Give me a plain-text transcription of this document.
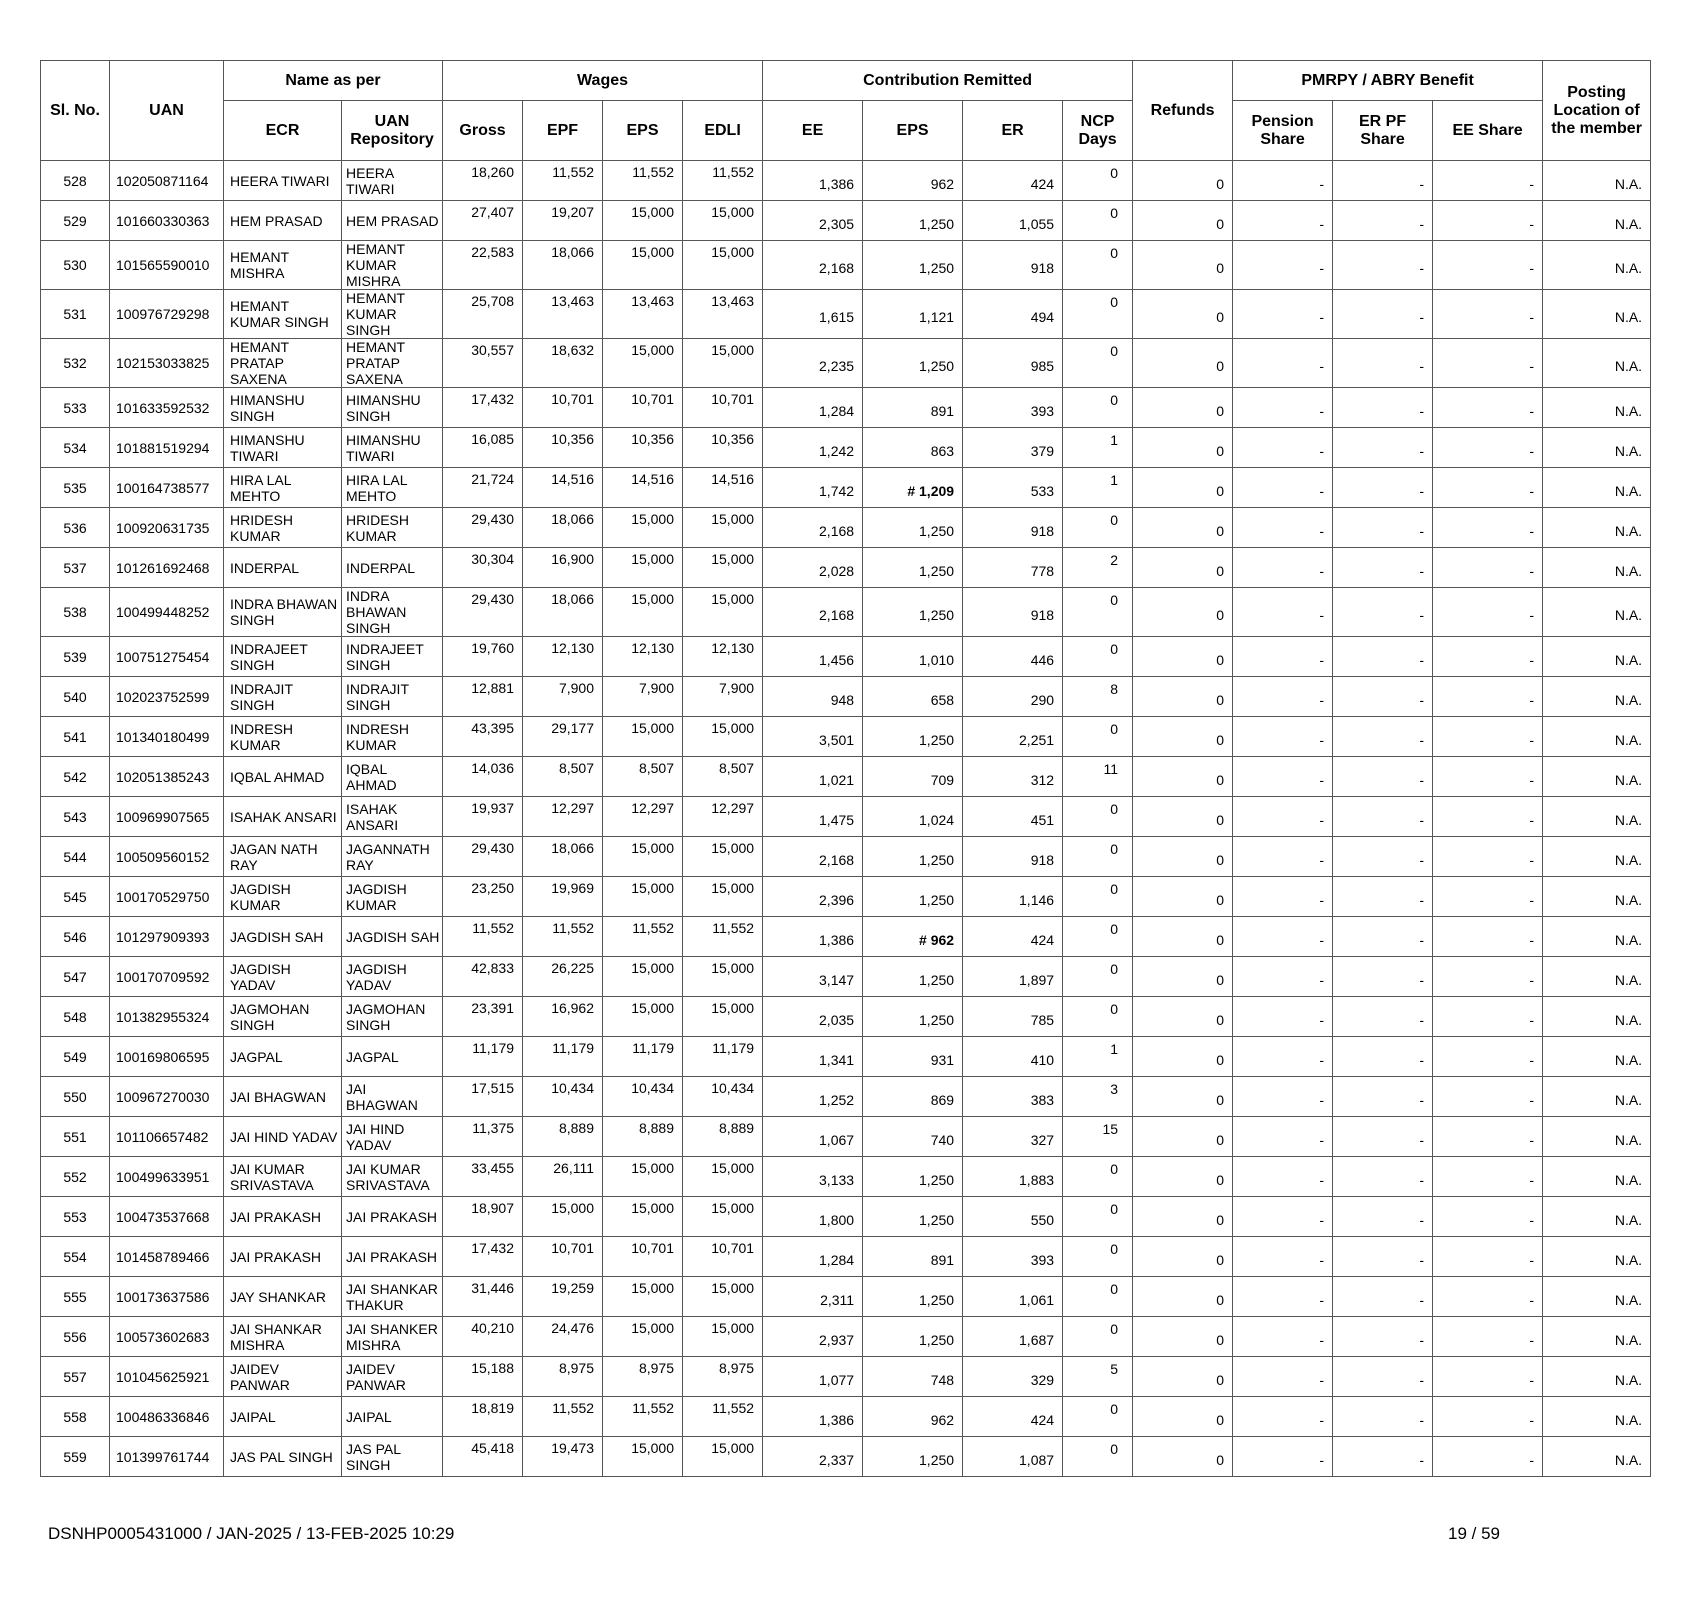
Sl. No.	UAN	Name as per		Wages				Contribution Remitted				Refunds	PMRPY / ABRY Benefit			Posting Location of the member
		ECR	UAN Repository	Gross	EPF	EPS	EDLI	EE	EPS	ER	NCP Days		Pension Share	ER PF Share	EE Share	
528	102050871164	HEERA TIWARI	HEERA TIWARI	18,260	11,552	11,552	11,552	1,386	962	424	0	0	-	-	-	N.A.
529	101660330363	HEM PRASAD	HEM PRASAD	27,407	19,207	15,000	15,000	2,305	1,250	1,055	0	0	-	-	-	N.A.
530	101565590010	HEMANT MISHRA	HEMANT KUMAR MISHRA	22,583	18,066	15,000	15,000	2,168	1,250	918	0	0	-	-	-	N.A.
531	100976729298	HEMANT KUMAR SINGH	HEMANT KUMAR SINGH	25,708	13,463	13,463	13,463	1,615	1,121	494	0	0	-	-	-	N.A.
532	102153033825	HEMANT PRATAP SAXENA	HEMANT PRATAP SAXENA	30,557	18,632	15,000	15,000	2,235	1,250	985	0	0	-	-	-	N.A.
533	101633592532	HIMANSHU SINGH	HIMANSHU SINGH	17,432	10,701	10,701	10,701	1,284	891	393	0	0	-	-	-	N.A.
534	101881519294	HIMANSHU TIWARI	HIMANSHU TIWARI	16,085	10,356	10,356	10,356	1,242	863	379	1	0	-	-	-	N.A.
535	100164738577	HIRA LAL MEHTO	HIRA LAL MEHTO	21,724	14,516	14,516	14,516	1,742	# 1,209	533	1	0	-	-	-	N.A.
536	100920631735	HRIDESH KUMAR	HRIDESH KUMAR	29,430	18,066	15,000	15,000	2,168	1,250	918	0	0	-	-	-	N.A.
537	101261692468	INDERPAL	INDERPAL	30,304	16,900	15,000	15,000	2,028	1,250	778	2	0	-	-	-	N.A.
538	100499448252	INDRA BHAWAN SINGH	INDRA BHAWAN SINGH	29,430	18,066	15,000	15,000	2,168	1,250	918	0	0	-	-	-	N.A.
539	100751275454	INDRAJEET SINGH	INDRAJEET SINGH	19,760	12,130	12,130	12,130	1,456	1,010	446	0	0	-	-	-	N.A.
540	102023752599	INDRAJIT SINGH	INDRAJIT SINGH	12,881	7,900	7,900	7,900	948	658	290	8	0	-	-	-	N.A.
541	101340180499	INDRESH KUMAR	INDRESH KUMAR	43,395	29,177	15,000	15,000	3,501	1,250	2,251	0	0	-	-	-	N.A.
542	102051385243	IQBAL AHMAD	IQBAL AHMAD	14,036	8,507	8,507	8,507	1,021	709	312	11	0	-	-	-	N.A.
543	100969907565	ISAHAK ANSARI	ISAHAK ANSARI	19,937	12,297	12,297	12,297	1,475	1,024	451	0	0	-	-	-	N.A.
544	100509560152	JAGAN NATH RAY	JAGANNATH RAY	29,430	18,066	15,000	15,000	2,168	1,250	918	0	0	-	-	-	N.A.
545	100170529750	JAGDISH KUMAR	JAGDISH KUMAR	23,250	19,969	15,000	15,000	2,396	1,250	1,146	0	0	-	-	-	N.A.
546	101297909393	JAGDISH SAH	JAGDISH SAH	11,552	11,552	11,552	11,552	1,386	# 962	424	0	0	-	-	-	N.A.
547	100170709592	JAGDISH YADAV	JAGDISH YADAV	42,833	26,225	15,000	15,000	3,147	1,250	1,897	0	0	-	-	-	N.A.
548	101382955324	JAGMOHAN SINGH	JAGMOHAN SINGH	23,391	16,962	15,000	15,000	2,035	1,250	785	0	0	-	-	-	N.A.
549	100169806595	JAGPAL	JAGPAL	11,179	11,179	11,179	11,179	1,341	931	410	1	0	-	-	-	N.A.
550	100967270030	JAI BHAGWAN	JAI BHAGWAN	17,515	10,434	10,434	10,434	1,252	869	383	3	0	-	-	-	N.A.
551	101106657482	JAI HIND YADAV	JAI HIND YADAV	11,375	8,889	8,889	8,889	1,067	740	327	15	0	-	-	-	N.A.
552	100499633951	JAI KUMAR SRIVASTAVA	JAI KUMAR SRIVASTAVA	33,455	26,111	15,000	15,000	3,133	1,250	1,883	0	0	-	-	-	N.A.
553	100473537668	JAI PRAKASH	JAI PRAKASH	18,907	15,000	15,000	15,000	1,800	1,250	550	0	0	-	-	-	N.A.
554	101458789466	JAI PRAKASH	JAI PRAKASH	17,432	10,701	10,701	10,701	1,284	891	393	0	0	-	-	-	N.A.
555	100173637586	JAY SHANKAR	JAI SHANKAR THAKUR	31,446	19,259	15,000	15,000	2,311	1,250	1,061	0	0	-	-	-	N.A.
556	100573602683	JAI SHANKAR MISHRA	JAI SHANKER MISHRA	40,210	24,476	15,000	15,000	2,937	1,250	1,687	0	0	-	-	-	N.A.
557	101045625921	JAIDEV PANWAR	JAIDEV PANWAR	15,188	8,975	8,975	8,975	1,077	748	329	5	0	-	-	-	N.A.
558	100486336846	JAIPAL	JAIPAL	18,819	11,552	11,552	11,552	1,386	962	424	0	0	-	-	-	N.A.
559	101399761744	JAS PAL SINGH	JAS PAL SINGH	45,418	19,473	15,000	15,000	2,337	1,250	1,087	0	0	-	-	-	N.A.
DSNHP0005431000 / JAN-2025 / 13-FEB-2025 10:29	19 / 59
